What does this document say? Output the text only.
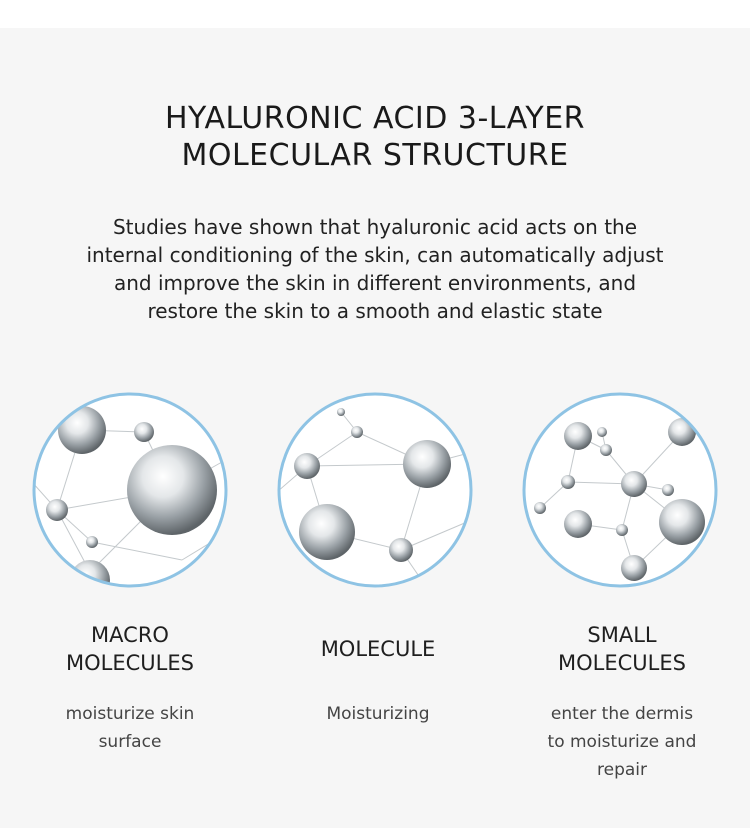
HYALURONIC ACID 3-LAYER
MOLECULAR STRUCTURE
Studies have shown that hyaluronic acid acts on the
internal conditioning of the skin, can automatically adjust
and improve the skin in different environments, and
restore the skin to a smooth and elastic state
MACRO
MOLECULES
MOLECULE
SMALL
MOLECULES
moisturize skin
surface
Moisturizing	enter the dermis
to moisturize and
repair
